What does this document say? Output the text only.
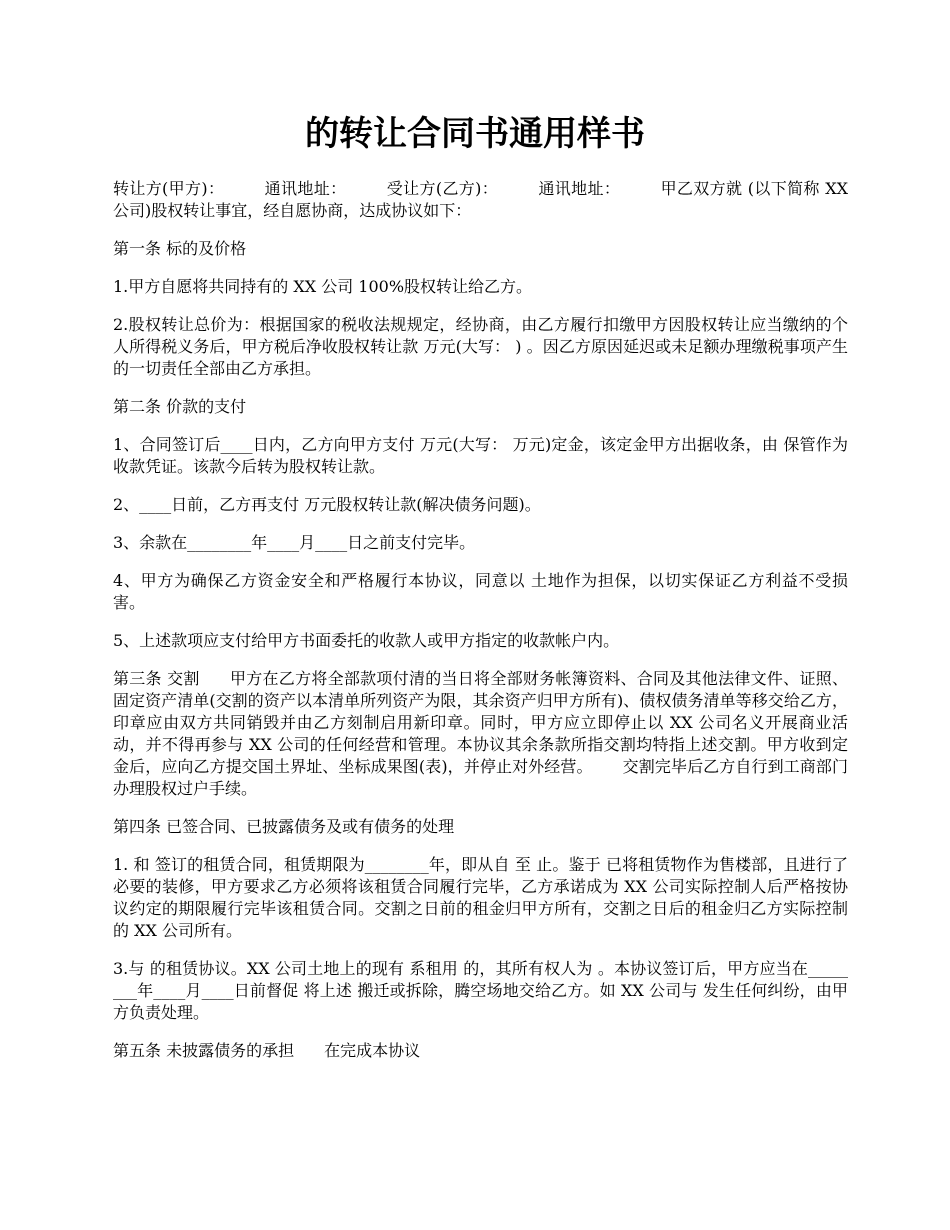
的转让合同书通用样书

转让方(甲方)：	通讯地址：	受让方(乙方)：	通讯地址：	甲乙双方就 (以下简称 XX 公司)股权转让事宜，经自愿协商，达成协议如下：

第一条 标的及价格

1.甲方自愿将共同持有的 XX 公司 100%股权转让给乙方。

2.股权转让总价为：根据国家的税收法规规定，经协商，由乙方履行扣缴甲方因股权转让应当缴纳的个人所得税义务后，甲方税后净收股权转让款 万元(大写： ) 。因乙方原因延迟或未足额办理缴税事项产生的一切责任全部由乙方承担。

第二条 价款的支付

1、合同签订后____日内，乙方向甲方支付 万元(大写： 万元)定金，该定金甲方出据收条，由 保管作为收款凭证。该款今后转为股权转让款。

2、____日前，乙方再支付 万元股权转让款(解决债务问题)。

3、余款在________年____月____日之前支付完毕。

4、甲方为确保乙方资金安全和严格履行本协议，同意以 土地作为担保，以切实保证乙方利益不受损害。

5、上述款项应支付给甲方书面委托的收款人或甲方指定的收款帐户内。

第三条 交割 甲方在乙方将全部款项付清的当日将全部财务帐簿资料、合同及其他法律文件、证照、固定资产清单(交割的资产以本清单所列资产为限，其余资产归甲方所有)、债权债务清单等移交给乙方，印章应由双方共同销毁并由乙方刻制启用新印章。同时，甲方应立即停止以 XX 公司名义开展商业活动，并不得再参与 XX 公司的任何经营和管理。本协议其余条款所指交割均特指上述交割。甲方收到定金后，应向乙方提交国土界址、坐标成果图(表)，并停止对外经营。 交割完毕后乙方自行到工商部门办理股权过户手续。

第四条 已签合同、已披露债务及或有债务的处理

1. 和 签订的租赁合同，租赁期限为________年，即从自 至 止。鉴于 已将租赁物作为售楼部，且进行了必要的装修，甲方要求乙方必须将该租赁合同履行完毕，乙方承诺成为 XX 公司实际控制人后严格按协议约定的期限履行完毕该租赁合同。交割之日前的租金归甲方所有，交割之日后的租金归乙方实际控制的 XX 公司所有。

3.与 的租赁协议。XX 公司土地上的现有 系租用 的，其所有权人为 。本协议签订后，甲方应当在________年____月____日前督促 将上述 搬迁或拆除，腾空场地交给乙方。如 XX 公司与 发生任何纠纷，由甲方负责处理。

第五条 未披露债务的承担 在完成本协议
